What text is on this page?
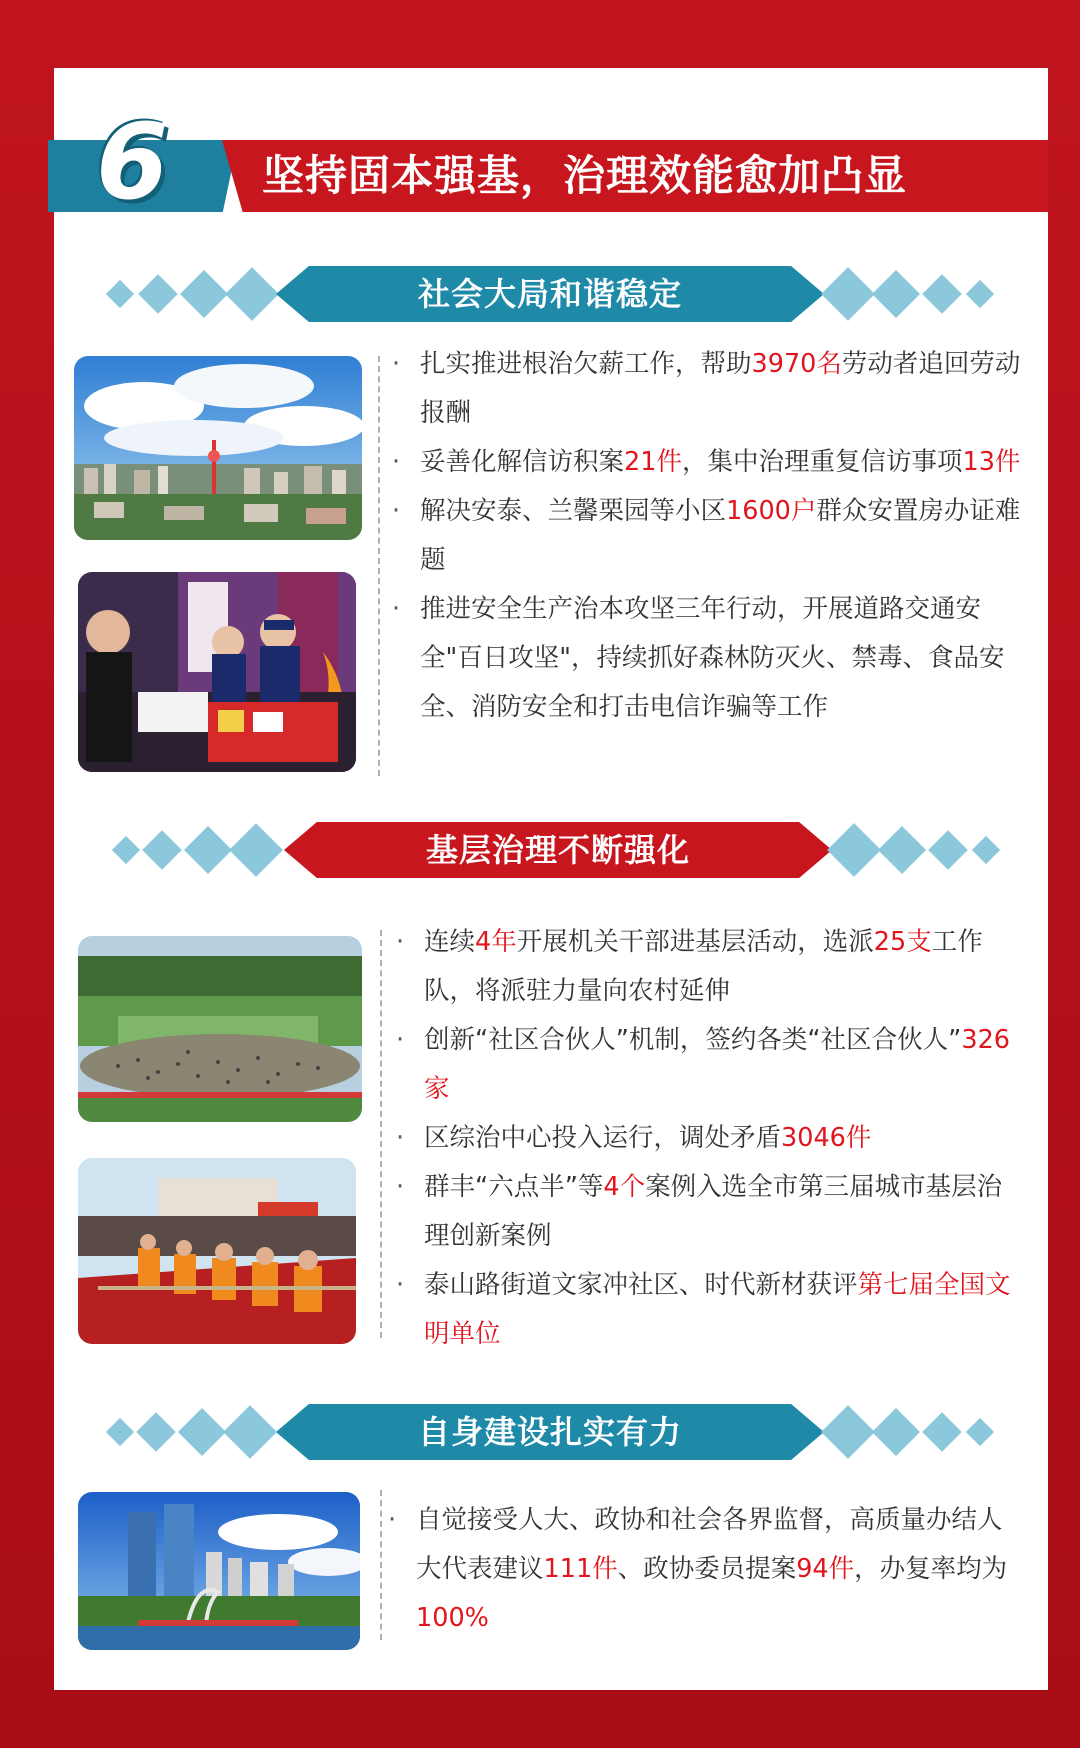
6	坚持固本强基，治理效能愈加凸显
社会大局和谐稳定
· 扎实推进根治欠薪工作，帮助3970名劳动者追回劳动报酬
· 妥善化解信访积案21件，集中治理重复信访事项13件
· 解决安泰、兰馨栗园等小区1600户群众安置房办证难题
· 推进安全生产治本攻坚三年行动，开展道路交通安全"百日攻坚"，持续抓好森林防灭火、禁毒、食品安全、消防安全和打击电信诈骗等工作
基层治理不断强化
· 连续4年开展机关干部进基层活动，选派25支工作队，将派驻力量向农村延伸
· 创新“社区合伙人”机制，签约各类“社区合伙人”326家
· 区综治中心投入运行，调处矛盾3046件
· 群丰“六点半”等4个案例入选全市第三届城市基层治理创新案例
· 泰山路街道文家冲社区、时代新材获评第七届全国文明单位
自身建设扎实有力
· 自觉接受人大、政协和社会各界监督，高质量办结人大代表建议111件、政协委员提案94件，办复率均为100%
